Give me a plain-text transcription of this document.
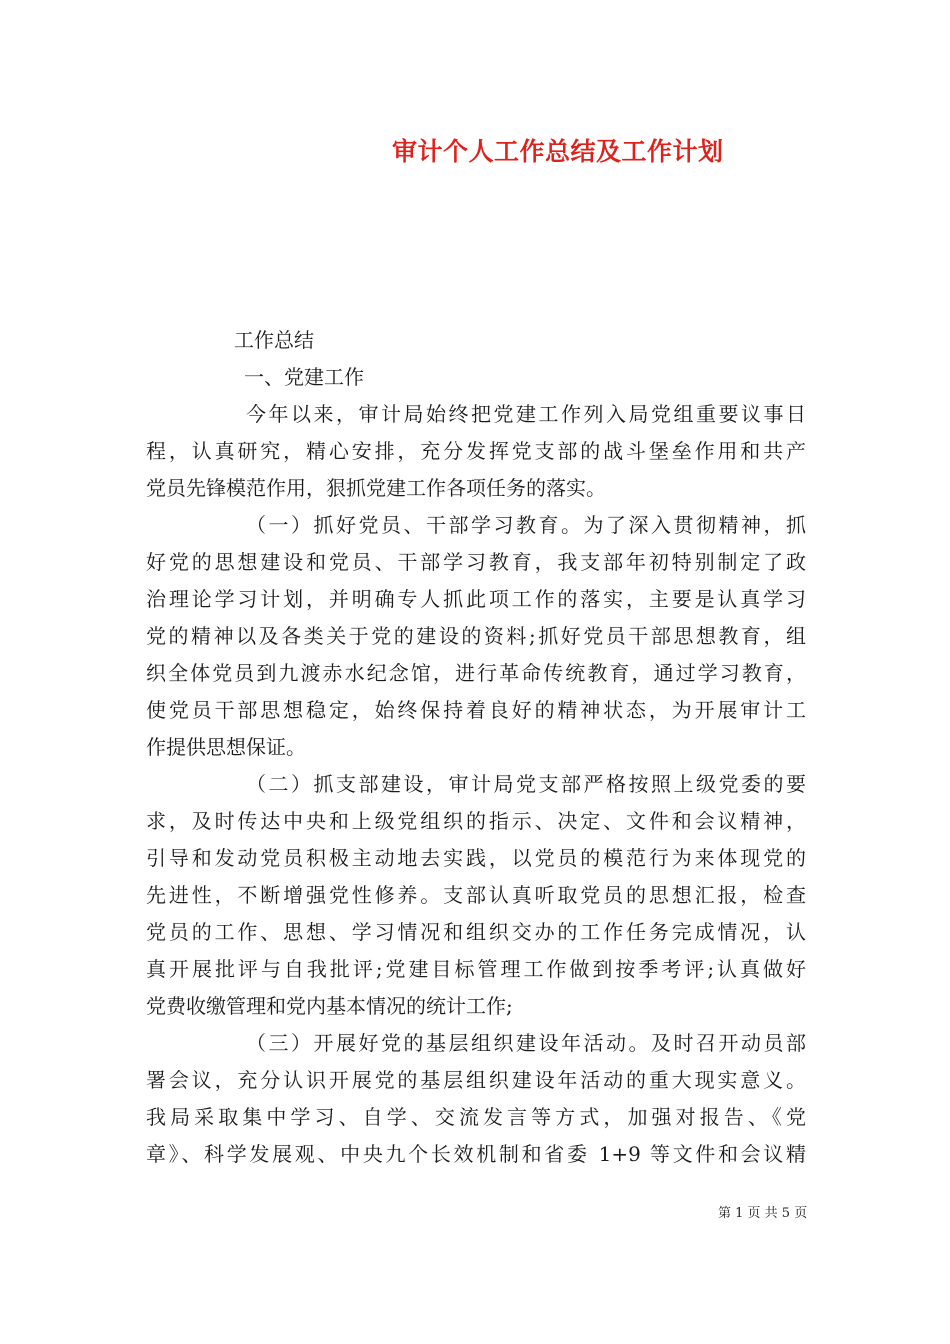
审计个人工作总结及工作计划
工作总结
一、党建工作
今年以来，审计局始终把党建工作列入局党组重要议事日
程，认真研究，精心安排，充分发挥党支部的战斗堡垒作用和共产
党员先锋模范作用，狠抓党建工作各项任务的落实。
（一）抓好党员、干部学习教育。为了深入贯彻精神，抓
好党的思想建设和党员、干部学习教育，我支部年初特别制定了政
治理论学习计划，并明确专人抓此项工作的落实，主要是认真学习
党的精神以及各类关于党的建设的资料;抓好党员干部思想教育，组
织全体党员到九渡赤水纪念馆，进行革命传统教育，通过学习教育，
使党员干部思想稳定，始终保持着良好的精神状态，为开展审计工
作提供思想保证。
（二）抓支部建设，审计局党支部严格按照上级党委的要
求，及时传达中央和上级党组织的指示、决定、文件和会议精神，
引导和发动党员积极主动地去实践，以党员的模范行为来体现党的
先进性，不断增强党性修养。支部认真听取党员的思想汇报，检查
党员的工作、思想、学习情况和组织交办的工作任务完成情况，认
真开展批评与自我批评;党建目标管理工作做到按季考评;认真做好
党费收缴管理和党内基本情况的统计工作;
（三）开展好党的基层组织建设年活动。及时召开动员部
署会议，充分认识开展党的基层组织建设年活动的重大现实意义。
我局采取集中学习、自学、交流发言等方式，加强对报告、《党
章》、科学发展观、中央九个长效机制和省委 1+9 等文件和会议精
第 1 页 共 5 页
